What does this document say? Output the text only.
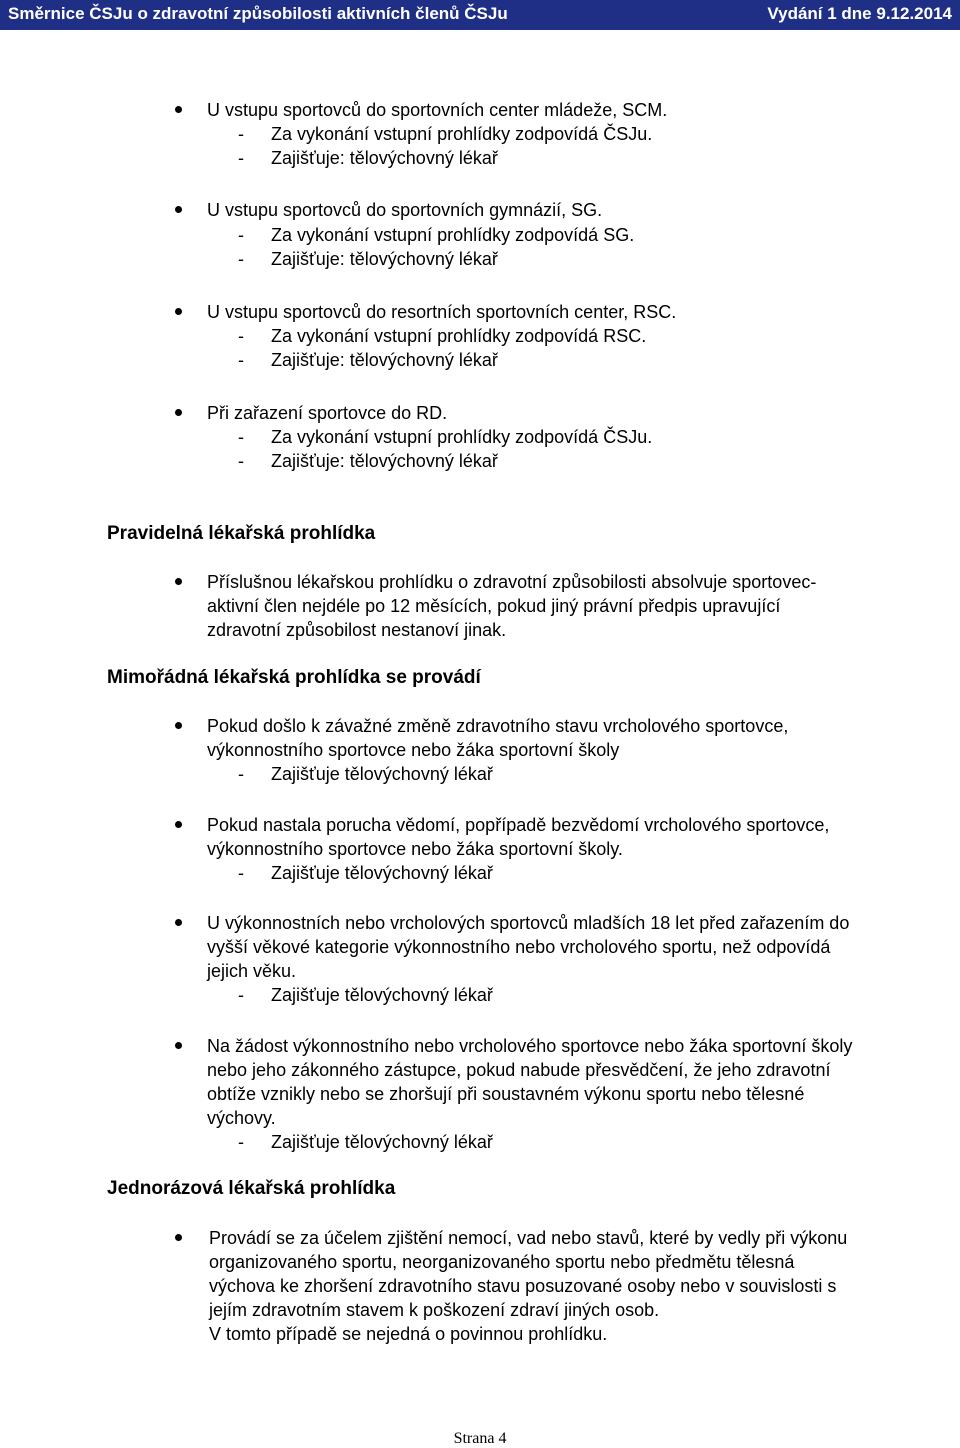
Směrnice ČSJu o zdravotní způsobilosti aktivních členů ČSJu	Vydání 1 dne 9.12.2014
U vstupu sportovců do sportovních center mládeže, SCM.
- Za vykonání vstupní prohlídky zodpovídá ČSJu.
- Zajišťuje: tělovýchovný lékař
U vstupu sportovců do sportovních gymnázií, SG.
- Za vykonání vstupní prohlídky zodpovídá SG.
- Zajišťuje: tělovýchovný lékař
U vstupu sportovců do resortních sportovních center, RSC.
- Za vykonání vstupní prohlídky zodpovídá RSC.
- Zajišťuje: tělovýchovný lékař
Při zařazení sportovce do RD.
- Za vykonání vstupní prohlídky zodpovídá ČSJu.
- Zajišťuje: tělovýchovný lékař
Pravidelná lékařská prohlídka
Příslušnou lékařskou prohlídku o zdravotní způsobilosti absolvuje sportovec-
aktivní člen nejdéle po 12 měsících, pokud jiný právní předpis upravující
zdravotní způsobilost nestanoví jinak.
Mimořádná lékařská prohlídka se provádí
Pokud došlo k závažné změně zdravotního stavu vrcholového sportovce,
výkonnostního sportovce nebo žáka sportovní školy
- Zajišťuje tělovýchovný lékař
Pokud nastala porucha vědomí, popřípadě bezvědomí vrcholového sportovce,
výkonnostního sportovce nebo žáka sportovní školy.
- Zajišťuje tělovýchovný lékař
U výkonnostních nebo vrcholových sportovců mladších 18 let před zařazením do
vyšší věkové kategorie výkonnostního nebo vrcholového sportu, než odpovídá
jejich věku.
- Zajišťuje tělovýchovný lékař
Na žádost výkonnostního nebo vrcholového sportovce nebo žáka sportovní školy
nebo jeho zákonného zástupce, pokud nabude přesvědčení, že jeho zdravotní
obtíže vznikly nebo se zhoršují při soustavném výkonu sportu nebo tělesné
výchovy.
- Zajišťuje tělovýchovný lékař
Jednorázová lékařská prohlídka
Provádí se za účelem zjištění nemocí, vad nebo stavů, které by vedly při výkonu
organizovaného sportu, neorganizovaného sportu nebo předmětu tělesná
výchova ke zhoršení zdravotního stavu posuzované osoby nebo v souvislosti s
jejím zdravotním stavem k poškození zdraví jiných osob.
V tomto případě se nejedná o povinnou prohlídku.
Strana 4
